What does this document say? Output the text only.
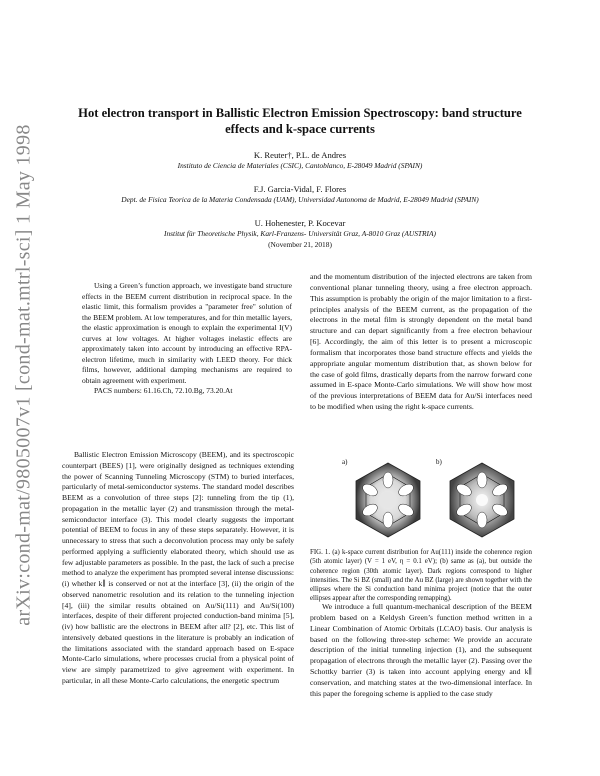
arXiv:cond-mat/9805007v1 [cond-mat.mtrl-sci] 1 May 1998
Hot electron transport in Ballistic Electron Emission Spectroscopy: band structure
effects and k-space currents
K. Reuter†, P.L. de Andres
Instituto de Ciencia de Materiales (CSIC), Cantoblanco, E-28049 Madrid (SPAIN)
F.J. Garcia-Vidal, F. Flores
Dept. de Fisica Teorica de la Materia Condensada (UAM), Universidad Autonoma de Madrid, E-28049 Madrid (SPAIN)
U. Hohenester, P. Kocevar
Institut für Theoretische Physik, Karl-Franzens- Universität Graz, A-8010 Graz (AUSTRIA)
(November 21, 2018)

Using a Green’s function approach, we investigate band structure effects in the BEEM current distribution in reciprocal space. In the elastic limit, this formalism provides a "parameter free" solution of the BEEM problem. At low temperatures, and for thin metallic layers, the elastic approximation is enough to explain the experimental I(V) curves at low voltages. At higher voltages inelastic effects are approximately taken into account by introducing an effective RPA-electron lifetime, much in similarity with LEED theory. For thick films, however, additional damping mechanisms are required to obtain agreement with experiment.

PACS numbers: 61.16.Ch, 72.10.Bg, 73.20.At

Ballistic Electron Emission Microscopy (BEEM), and its spectroscopic counterpart (BEES) [1], were originally designed as techniques extending the power of Scanning Tunneling Microscopy (STM) to buried interfaces, particularly of metal-semiconductor systems. The standard model describes BEEM as a convolution of three steps [2]: tunneling from the tip (1), propagation in the metallic layer (2) and transmission through the metal-semiconductor interface (3). This model clearly suggests the important potential of BEEM to focus in any of these steps separately. However, it is unnecessary to stress that such a deconvolution process may only be safely performed applying a sufficiently elaborated theory, which should use as few adjustable parameters as possible. In the past, the lack of such a precise method to analyze the experiment has prompted several intense discussions: (i) whether k∥ is conserved or not at the interface [3], (ii) the origin of the observed nanometric resolution and its relation to the tunneling injection [4], (iii) the similar results obtained on Au/Si(111) and Au/Si(100) interfaces, despite of their different projected conduction-band minima [5], (iv) how ballistic are the electrons in BEEM after all? [2], etc. This list of intensively debated questions in the literature is probably an indication of the limitations associated with the standard approach based on E-space Monte-Carlo simulations, where processes crucial from a physical point of view are simply parametrized to give agreement with experiment. In particular, in all these Monte-Carlo calculations, the energetic spectrum

and the momentum distribution of the injected electrons are taken from conventional planar tunneling theory, using a free electron approach. This assumption is probably the origin of the major limitation to a first-principles analysis of the BEEM current, as the propagation of the electrons in the metal film is strongly dependent on the metal band structure and can depart significantly from a free electron behaviour [6]. Accordingly, the aim of this letter is to present a microscopic formalism that incorporates those band structure effects and yields the appropriate angular momentum distribution that, as shown below for the case of gold films, drastically departs from the narrow forward cone assumed in E-space Monte-Carlo simulations. We will show how most of the previous interpretations of BEEM data for Au/Si interfaces need to be modified when using the right k-space currents.

a)	b)
FIG. 1. (a) k-space current distribution for Au(111) inside the coherence region (5th atomic layer) (V = 1 eV, η = 0.1 eV); (b) same as (a), but outside the coherence region (30th atomic layer). Dark regions correspond to higher intensities. The Si BZ (small) and the Au BZ (large) are shown together with the ellipses where the Si conduction band minima project (notice that the outer ellipses appear after the corresponding remapping).

We introduce a full quantum-mechanical description of the BEEM problem based on a Keldysh Green’s function method written in a Linear Combination of Atomic Orbitals (LCAO) basis. Our analysis is based on the following three-step scheme: We provide an accurate description of the initial tunneling injection (1), and the subsequent propagation of electrons through the metallic layer (2). Passing over the Schottky barrier (3) is taken into account applying energy and k∥ conservation, and matching states at the two-dimensional interface. In this paper the foregoing scheme is applied to the case study
